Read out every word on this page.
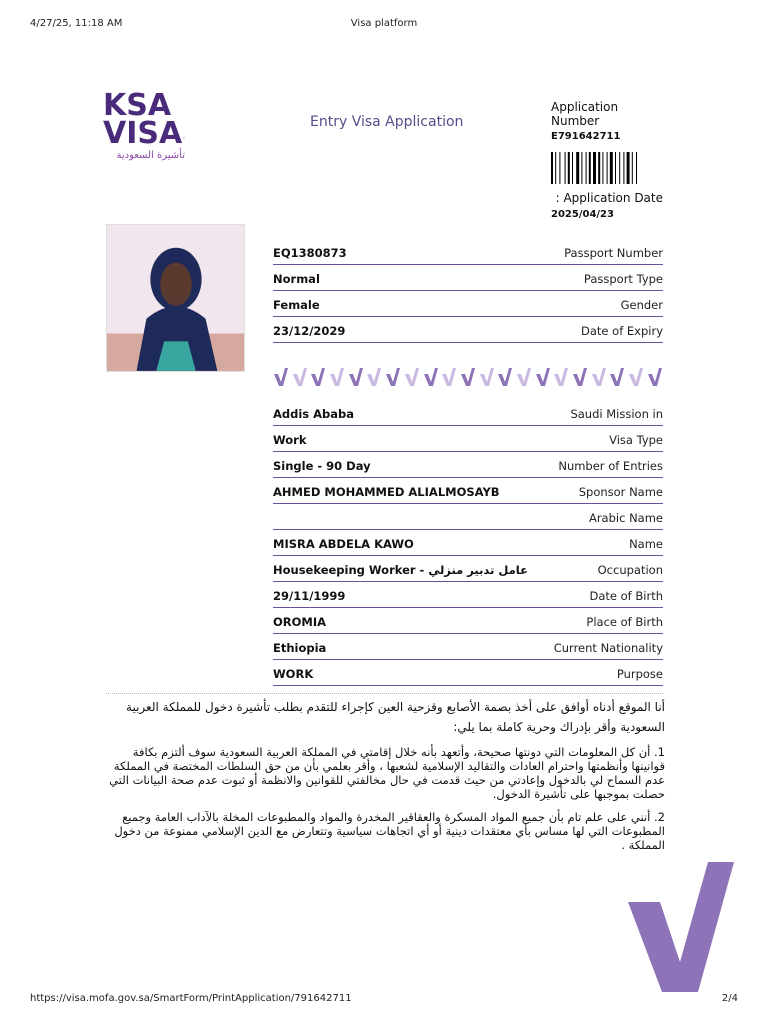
4/27/25, 11:18 AM	Visa platform
https://visa.mofa.gov.sa/SmartForm/PrintApplication/791642711	2/4
KSA
VISA
تأشيرة السعودية
Entry Visa Application
Application Number
E791642711
: Application Date
2025/04/23
EQ1380873	Passport Number
Normal	Passport Type
Female	Gender
23/12/2029	Date of Expiry
Addis Ababa	Saudi Mission in
Work	Visa Type
Single - 90 Day	Number of Entries
AHMED MOHAMMED ALIALMOSAYB	Sponsor Name
Arabic Name
MISRA ABDELA KAWO	Name
Housekeeping Worker - عامل تدبير منزلي	Occupation
29/11/1999	Date of Birth
OROMIA	Place of Birth
Ethiopia	Current Nationality
WORK	Purpose
أنا الموقع أدناه أوافق على أخذ بصمة الأصابع وقزحية العين كإجراء للتقدم بطلب تأشيرة دخول للمملكة العربية السعودية وأقر بإدراك وحرية كاملة بما يلي:
1. أن كل المعلومات التي دونتها صحيحة، وأتعهد بأنه خلال إقامتي في المملكة العربية السعودية سوف ألتزم بكافة قوانينها وأنظمتها واحترام العادات والتقاليد الإسلامية لشعبها ، وأقر بعلمي بأن من حق السلطات المختصة في المملكة عدم السماح لي بالدخول وإعادتي من حيث قدمت في حال مخالفتي للقوانين والانظمة أو ثبوت عدم صحة البيانات التي حصلت بموجبها على تأشيرة الدخول.
2. أنني على علم تام بأن جميع المواد المسكرة والعقاقير المخدرة والمواد والمطبوعات المخلة بالآداب العامة وجميع المطبوعات التي لها مساس بأي معتقدات دينية أو أي اتجاهات سياسية وتتعارض مع الدين الإسلامي ممنوعة من دخول المملكة .
